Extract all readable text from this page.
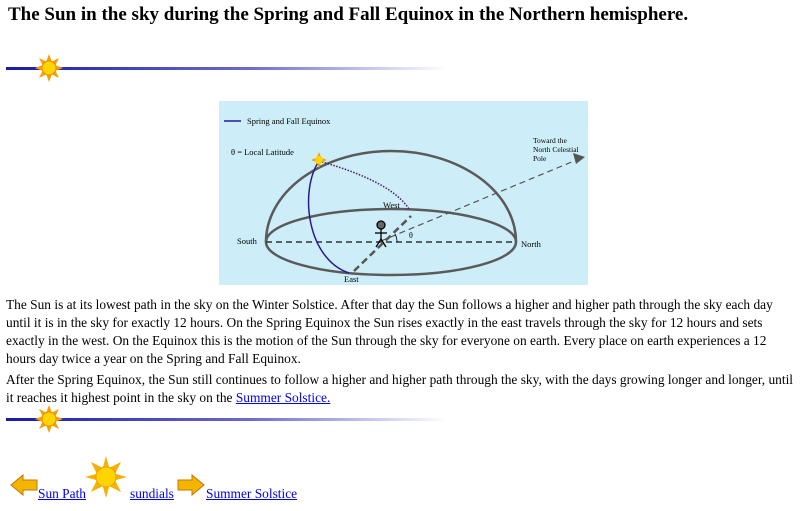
The Sun in the sky during the Spring and Fall Equinox in the Northern hemisphere.
Spring and Fall Equinox
θ = Local Latitude
Toward the North Celestial Pole
θ
West
East
South	North

The Sun is at its lowest path in the sky on the Winter Solstice. After that day the Sun follows a higher and higher path through the sky each day until it is in the sky for exactly 12 hours. On the Spring Equinox the Sun rises exactly in the east travels through the sky for 12 hours and sets exactly in the west. On the Equinox this is the motion of the Sun through the sky for everyone on earth. Every place on earth experiences a 12 hours day twice a year on the Spring and Fall Equinox.

After the Spring Equinox, the Sun still continues to follow a higher and higher path through the sky, with the days growing longer and longer, until it reaches it highest point in the sky on the Summer Solstice.

Sun Path	sundials Summer Solstice
